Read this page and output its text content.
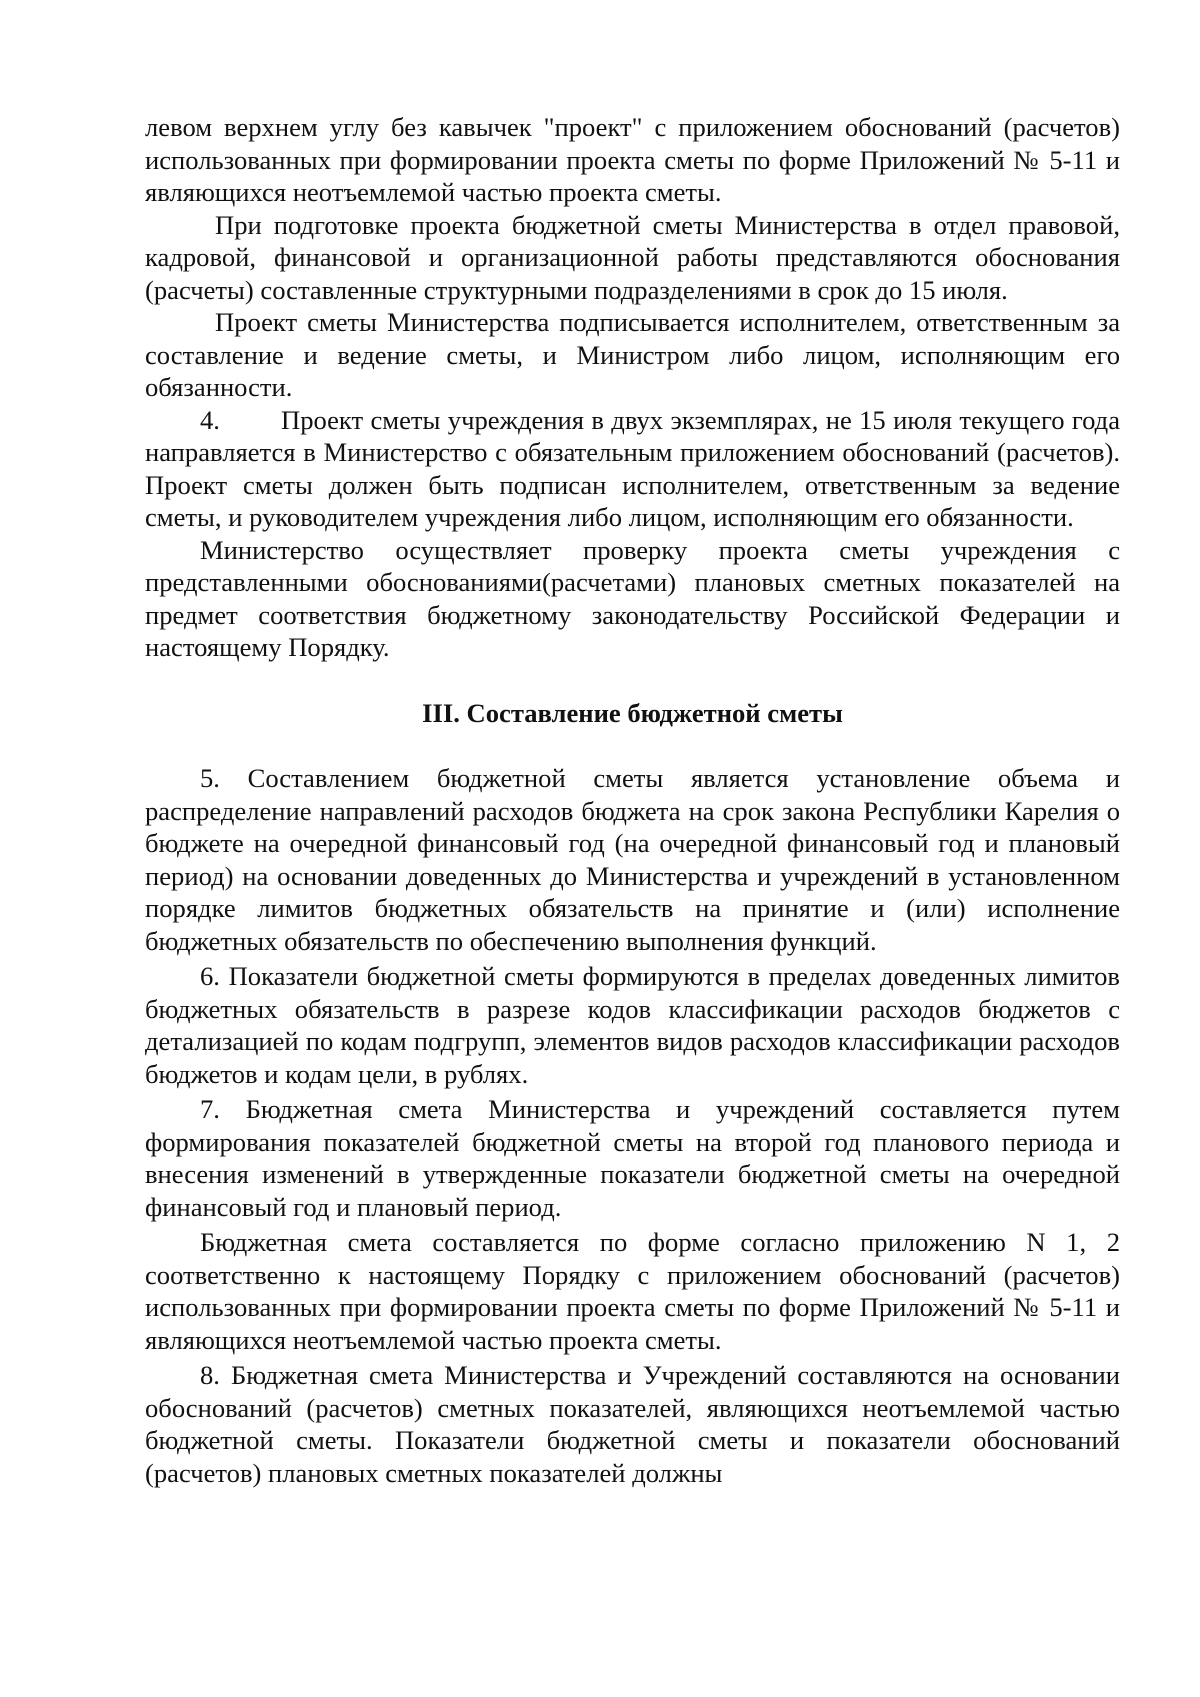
левом верхнем углу без кавычек "проект" с приложением обоснований (расчетов) использованных при формировании проекта сметы по форме Приложений № 5-11 и являющихся неотъемлемой частью проекта сметы.

При подготовке проекта бюджетной сметы Министерства в отдел правовой, кадровой, финансовой и организационной работы представляются обоснования (расчеты) составленные структурными подразделениями в срок до 15 июля.

Проект сметы Министерства подписывается исполнителем, ответственным за составление и ведение сметы, и Министром либо лицом, исполняющим его обязанности.

4. Проект сметы учреждения в двух экземплярах, не 15 июля текущего года направляется в Министерство с обязательным приложением обоснований (расчетов). Проект сметы должен быть подписан исполнителем, ответственным за ведение сметы, и руководителем учреждения либо лицом, исполняющим его обязанности.

Министерство осуществляет проверку проекта сметы учреждения с представленными обоснованиями(расчетами) плановых сметных показателей на предмет соответствия бюджетному законодательству Российской Федерации и настоящему Порядку.

III. Составление бюджетной сметы

5. Составлением бюджетной сметы является установление объема и распределение направлений расходов бюджета на срок закона Республики Карелия о бюджете на очередной финансовый год (на очередной финансовый год и плановый период) на основании доведенных до Министерства и учреждений в установленном порядке лимитов бюджетных обязательств на принятие и (или) исполнение бюджетных обязательств по обеспечению выполнения функций.

6. Показатели бюджетной сметы формируются в пределах доведенных лимитов бюджетных обязательств в разрезе кодов классификации расходов бюджетов с детализацией по кодам подгрупп, элементов видов расходов классификации расходов бюджетов и кодам цели, в рублях.

7. Бюджетная смета Министерства и учреждений составляется путем формирования показателей бюджетной сметы на второй год планового периода и внесения изменений в утвержденные показатели бюджетной сметы на очередной финансовый год и плановый период.

Бюджетная смета составляется по форме согласно приложению N 1, 2 соответственно к настоящему Порядку с приложением обоснований (расчетов) использованных при формировании проекта сметы по форме Приложений № 5-11 и являющихся неотъемлемой частью проекта сметы.

8. Бюджетная смета Министерства и Учреждений составляются на основании обоснований (расчетов) сметных показателей, являющихся неотъемлемой частью бюджетной сметы. Показатели бюджетной сметы и показатели обоснований (расчетов) плановых сметных показателей должны
